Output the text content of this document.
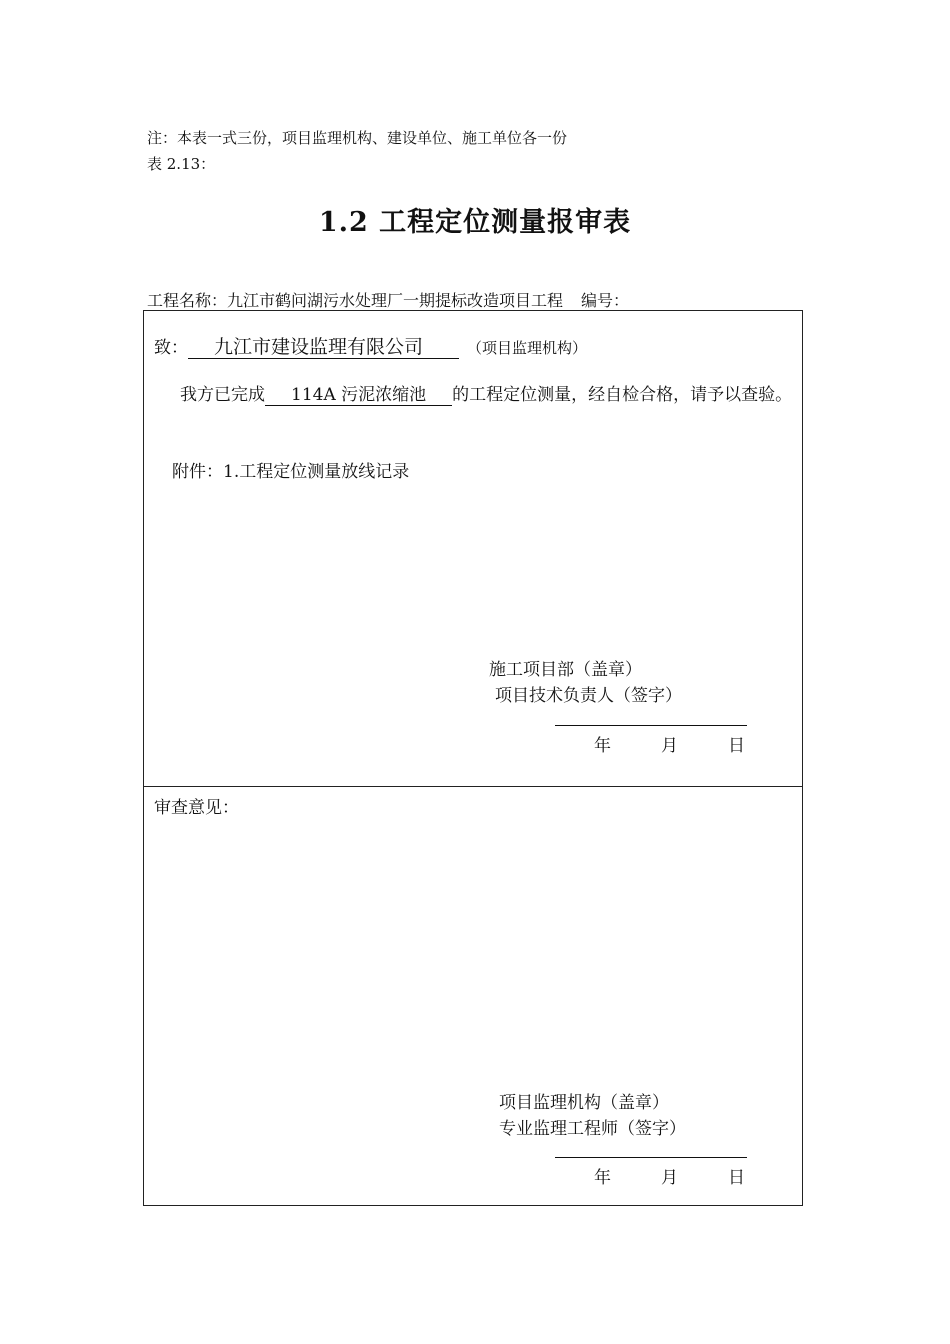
注：本表一式三份，项目监理机构、建设单位、施工单位各一份
表 2.13：
1.2 工程定位测量报审表
工程名称：九江市鹤问湖污水处理厂一期提标改造项目工程 编号：
致： 九江市建设监理有限公司	（项目监理机构）
我方已完成 114A 污泥浓缩池 的工程定位测量，经自检合格，请予以查验。
附件：1.工程定位测量放线记录
施工项目部（盖章）
项目技术负责人（签字）
年	月	日
审查意见：
项目监理机构（盖章）
专业监理工程师（签字）
年	月	日
